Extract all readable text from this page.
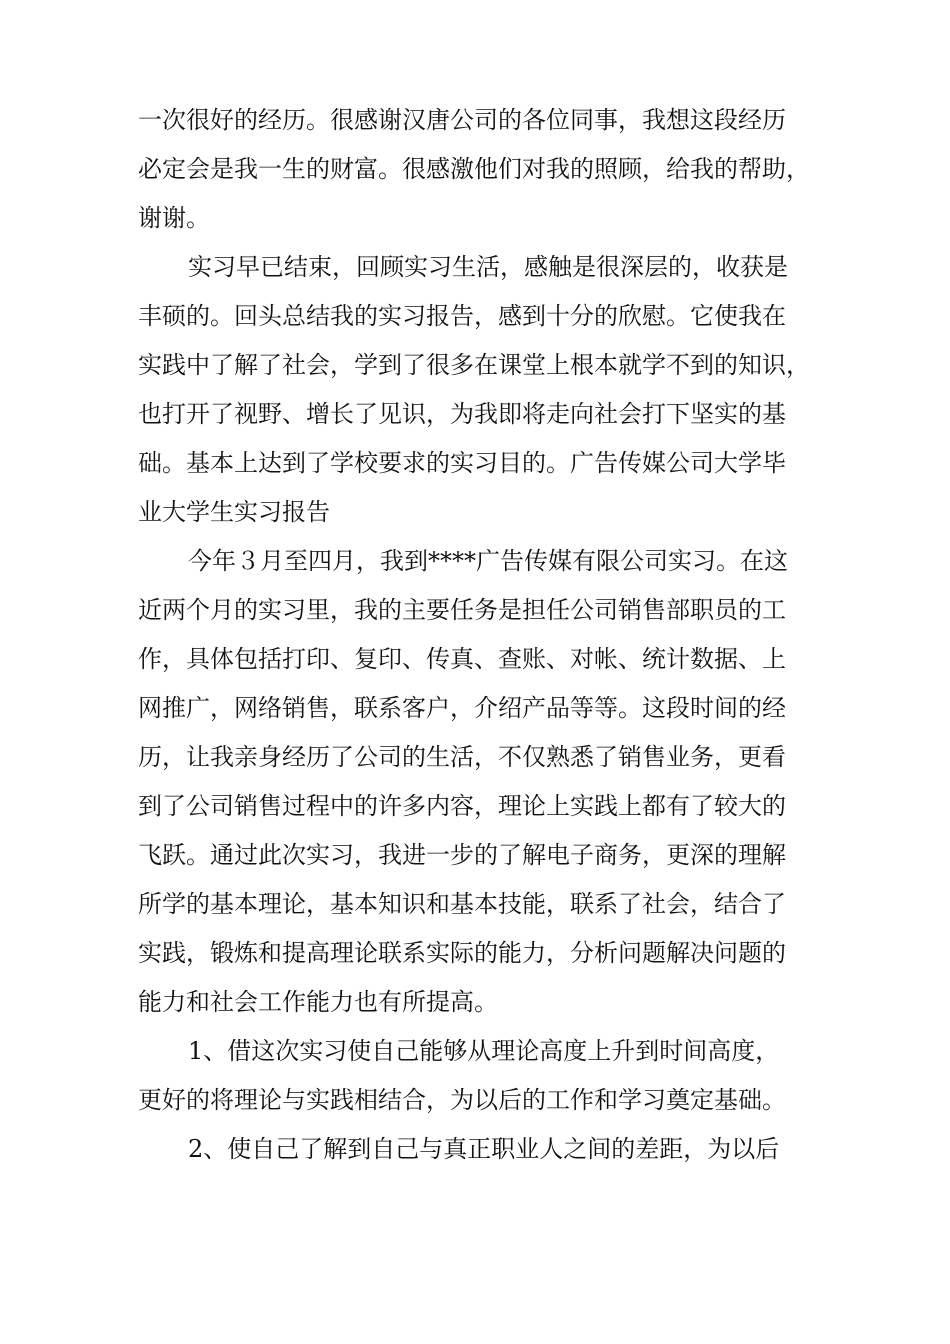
一次很好的经历。很感谢汉唐公司的各位同事，我想这段经历
必定会是我一生的财富。很感激他们对我的照顾，给我的帮助，
谢谢。

实习早已结束，回顾实习生活，感触是很深层的，收获是
丰硕的。回头总结我的实习报告，感到十分的欣慰。它使我在
实践中了解了社会，学到了很多在课堂上根本就学不到的知识，
也打开了视野、增长了见识，为我即将走向社会打下坚实的基
础。基本上达到了学校要求的实习目的。广告传媒公司大学毕
业大学生实习报告

今年３月至四月，我到****广告传媒有限公司实习。在这
近两个月的实习里，我的主要任务是担任公司销售部职员的工
作，具体包括打印、复印、传真、查账、对帐、统计数据、上
网推广，网络销售，联系客户，介绍产品等等。这段时间的经
历，让我亲身经历了公司的生活，不仅熟悉了销售业务，更看
到了公司销售过程中的许多内容，理论上实践上都有了较大的
飞跃。通过此次实习，我进一步的了解电子商务，更深的理解
所学的基本理论，基本知识和基本技能，联系了社会，结合了
实践，锻炼和提高理论联系实际的能力，分析问题解决问题的
能力和社会工作能力也有所提高。

1、借这次实习使自己能够从理论高度上升到时间高度，
更好的将理论与实践相结合，为以后的工作和学习奠定基础。

2、使自己了解到自己与真正职业人之间的差距，为以后
